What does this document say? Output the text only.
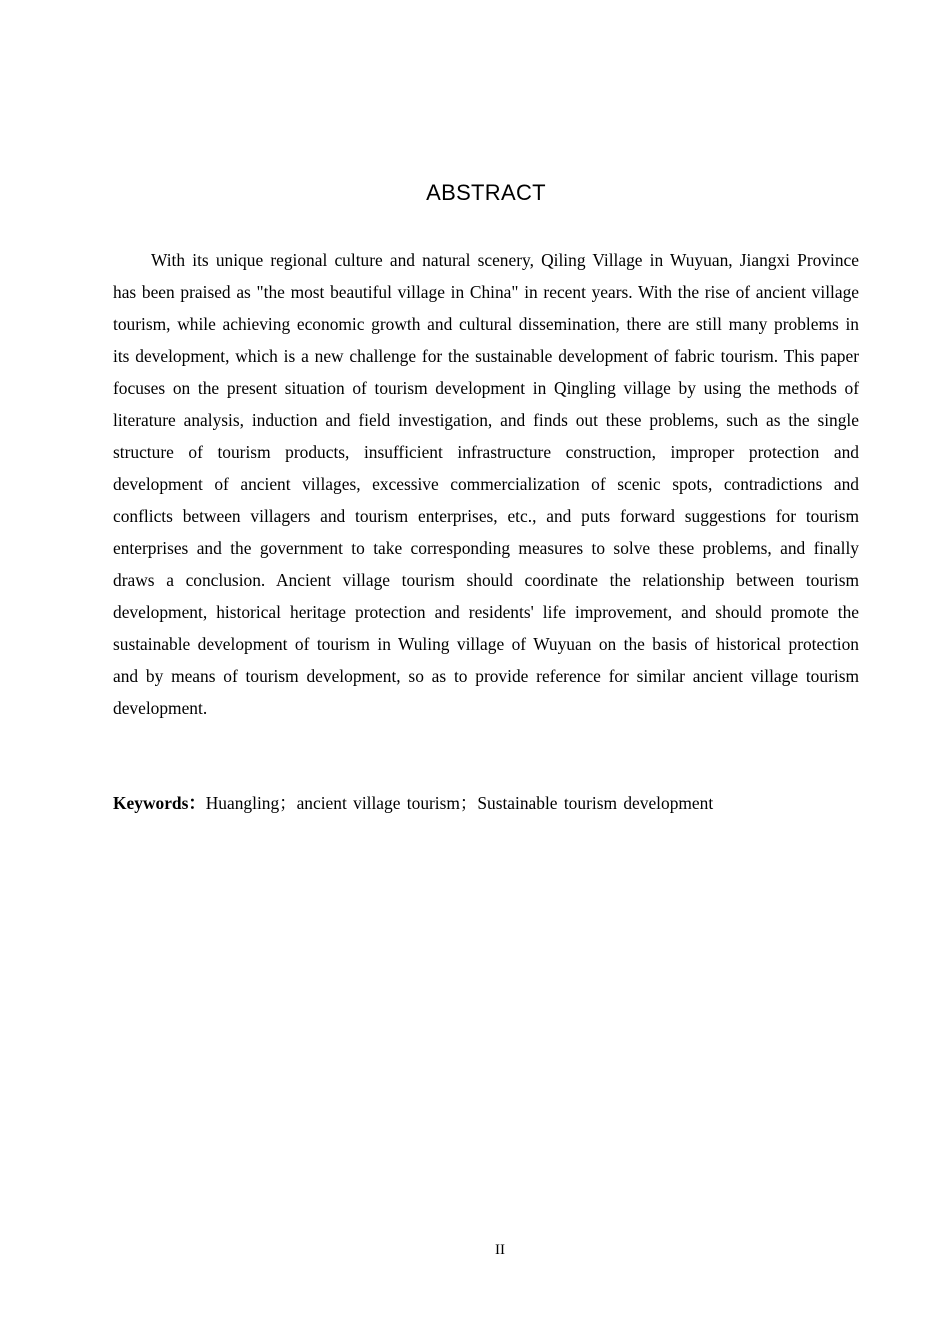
ABSTRACT

With its unique regional culture and natural scenery, Qiling Village in Wuyuan, Jiangxi Province has been praised as "the most beautiful village in China" in recent years. With the rise of ancient village tourism, while achieving economic growth and cultural dissemination, there are still many problems in its development, which is a new challenge for the sustainable development of fabric tourism. This paper focuses on the present situation of tourism development in Qingling village by using the methods of literature analysis, induction and field investigation, and finds out these problems, such as the single structure of tourism products, insufficient infrastructure construction, improper protection and development of ancient villages, excessive commercialization of scenic spots, contradictions and conflicts between villagers and tourism enterprises, etc., and puts forward suggestions for tourism enterprises and the government to take corresponding measures to solve these problems, and finally draws a conclusion. Ancient village tourism should coordinate the relationship between tourism development, historical heritage protection and residents' life improvement, and should promote the sustainable development of tourism in Wuling village of Wuyuan on the basis of historical protection and by means of tourism development, so as to provide reference for similar ancient village tourism development.

Keywords：Huangling；ancient village tourism；Sustainable tourism development

II
